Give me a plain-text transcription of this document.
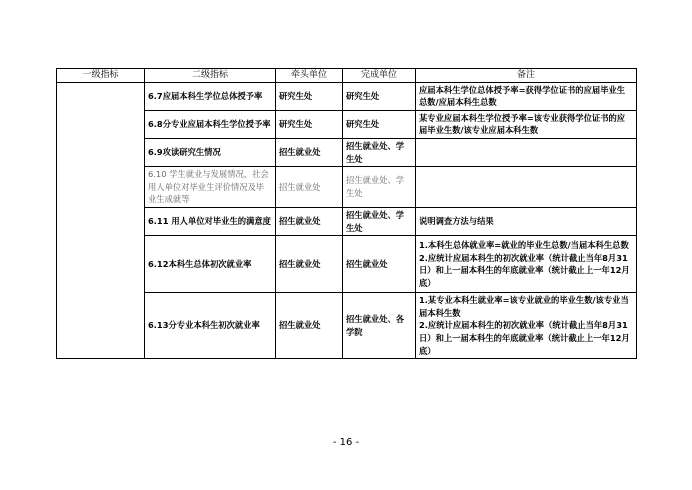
一级指标	二级指标	牵头单位	完成单位	备注
	6.7应届本科生学位总体授予率	研究生处	研究生处	应届本科生学位总体授予率=获得学位证书的应届毕业生总数/应届本科生总数

	6.8分专业应届本科生学位授予率	研究生处	研究生处	某专业应届本科生学位授予率=该专业获得学位证书的应届毕业生数/该专业应届本科生数

	6.9攻读研究生情况	招生就业处	招生就业处、学生处	
	6.10 学生就业与发展情况，社会用人单位对毕业生评价情况及毕业生成就等	招生就业处	招生就业处、学生处	
	6.11 用人单位对毕业生的满意度	招生就业处	招生就业处、学生处	说明调查方法与结果

	6.12本科生总体初次就业率	招生就业处	招生就业处	1.本科生总体就业率=就业的毕业生总数/当届本科生总数
2.应统计应届本科生的初次就业率（统计截止当年8月31日）和上一届本科生的年底就业率（统计截止上一年12月底）

	6.13分专业本科生初次就业率	招生就业处	招生就业处、各学院	1.某专业本科生就业率=该专业就业的毕业生数/该专业当届本科生数
2.应统计应届本科生的初次就业率（统计截止当年8月31日）和上一届本科生的年底就业率（统计截止上一年12月底）
- 16 -
